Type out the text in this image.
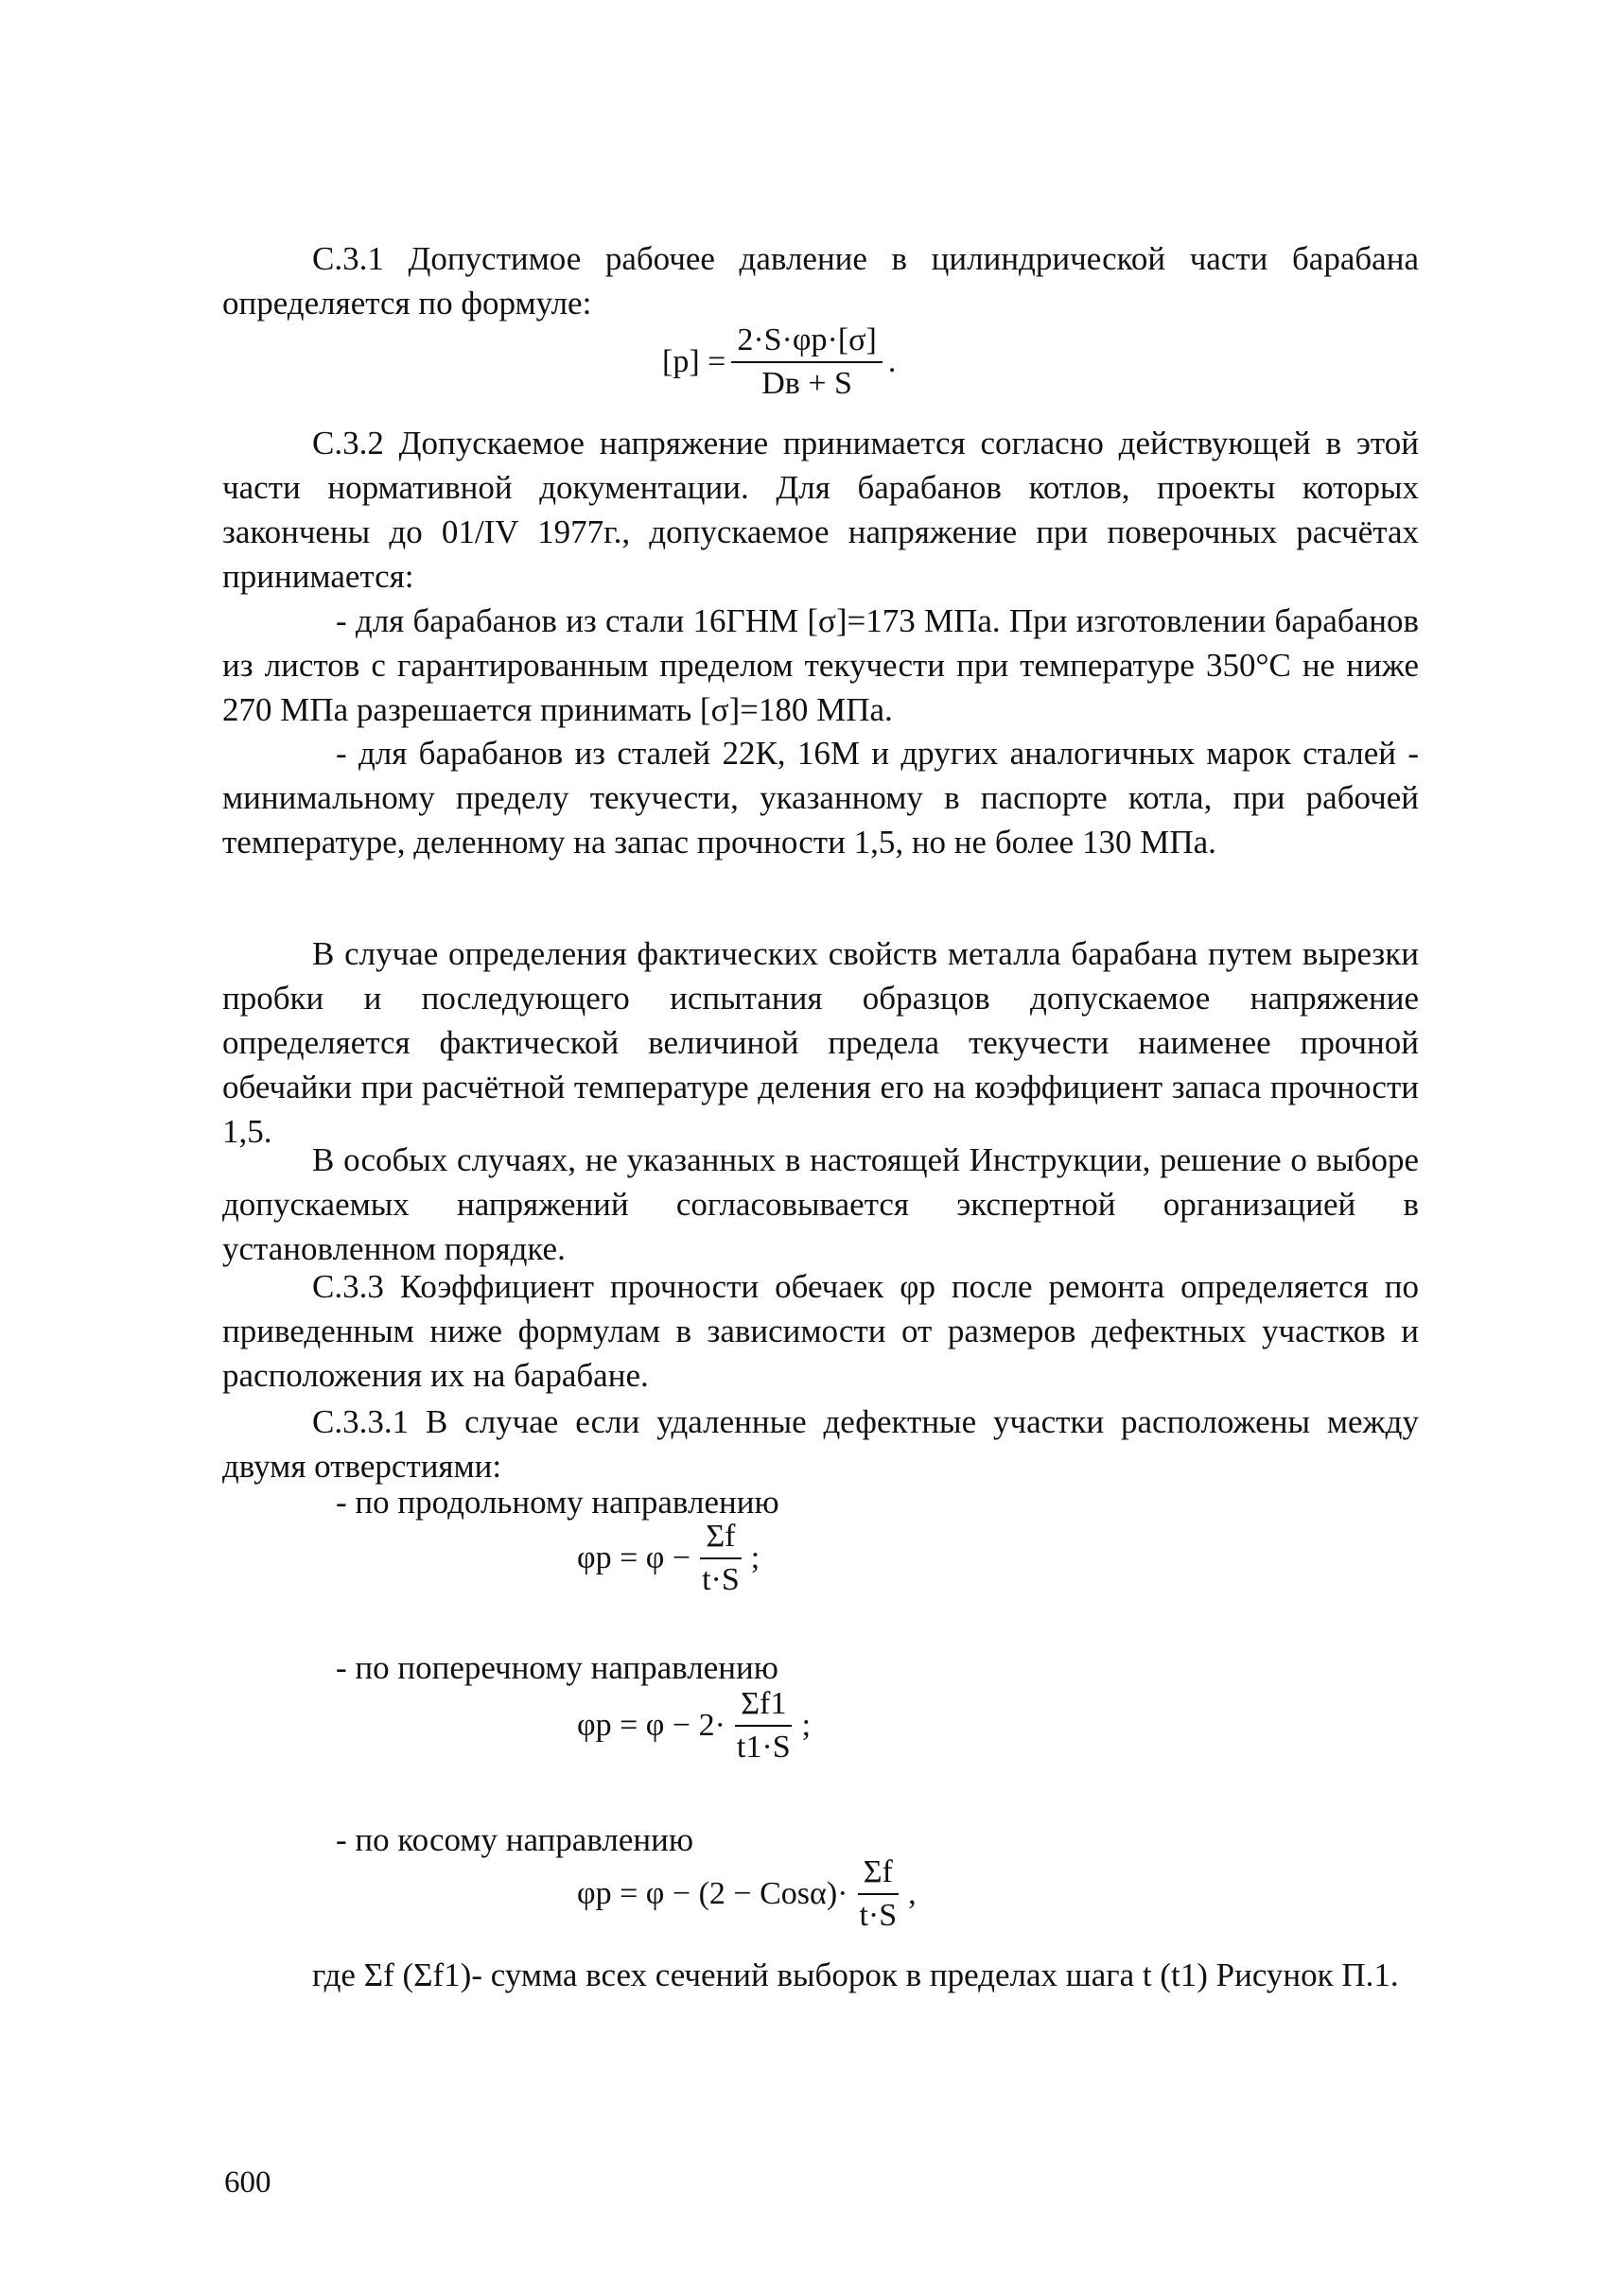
С.3.1 Допустимое рабочее давление в цилиндрической части барабана определяется по формуле:

$[p] = \frac{2\cdot S\cdot\varphi p\cdot[\sigma]}{Dв + S}$ .

С.3.2 Допускаемое напряжение принимается согласно действующей в этой части нормативной документации. Для барабанов котлов, проекты которых закончены до 01/IV 1977г., допускаемое напряжение при поверочных расчётах принимается:

- для барабанов из стали 16ГНМ [σ]=173 МПа. При изготовлении барабанов из листов с гарантированным пределом текучести при температуре 350°С не ниже 270 МПа разрешается принимать [σ]=180 МПа.

- для барабанов из сталей 22К, 16М и других аналогичных марок сталей - минимальному пределу текучести, указанному в паспорте котла, при рабочей температуре, деленному на запас прочности 1,5, но не более 130 МПа.

В случае определения фактических свойств металла барабана путем вырезки пробки и последующего испытания образцов допускаемое напряжение определяется фактической величиной предела текучести наименее прочной обечайки при расчётной температуре деления его на коэффициент запаса прочности 1,5.

В особых случаях, не указанных в настоящей Инструкции, решение о выборе допускаемых напряжений согласовывается экспертной организацией в установленном порядке.

С.3.3 Коэффициент прочности обечаек φp после ремонта определяется по приведенным ниже формулам в зависимости от размеров дефектных участков и расположения их на барабане.

С.3.3.1 В случае если удаленные дефектные участки расположены между двумя отверстиями:

- по продольному направлению

$\varphi p = \varphi - \frac{\Sigma f}{t\cdot S}$ ;

- по поперечному направлению

$\varphi p = \varphi - 2\cdot \frac{\Sigma f1}{t1\cdot S}$ ;

- по косому направлению

$\varphi p = \varphi - (2 - Cos\alpha)\cdot \frac{\Sigma f}{t\cdot S}$ ,

где Σf (Σf1)- сумма всех сечений выборок в пределах шага t (t1) Рисунок П.1.

600
